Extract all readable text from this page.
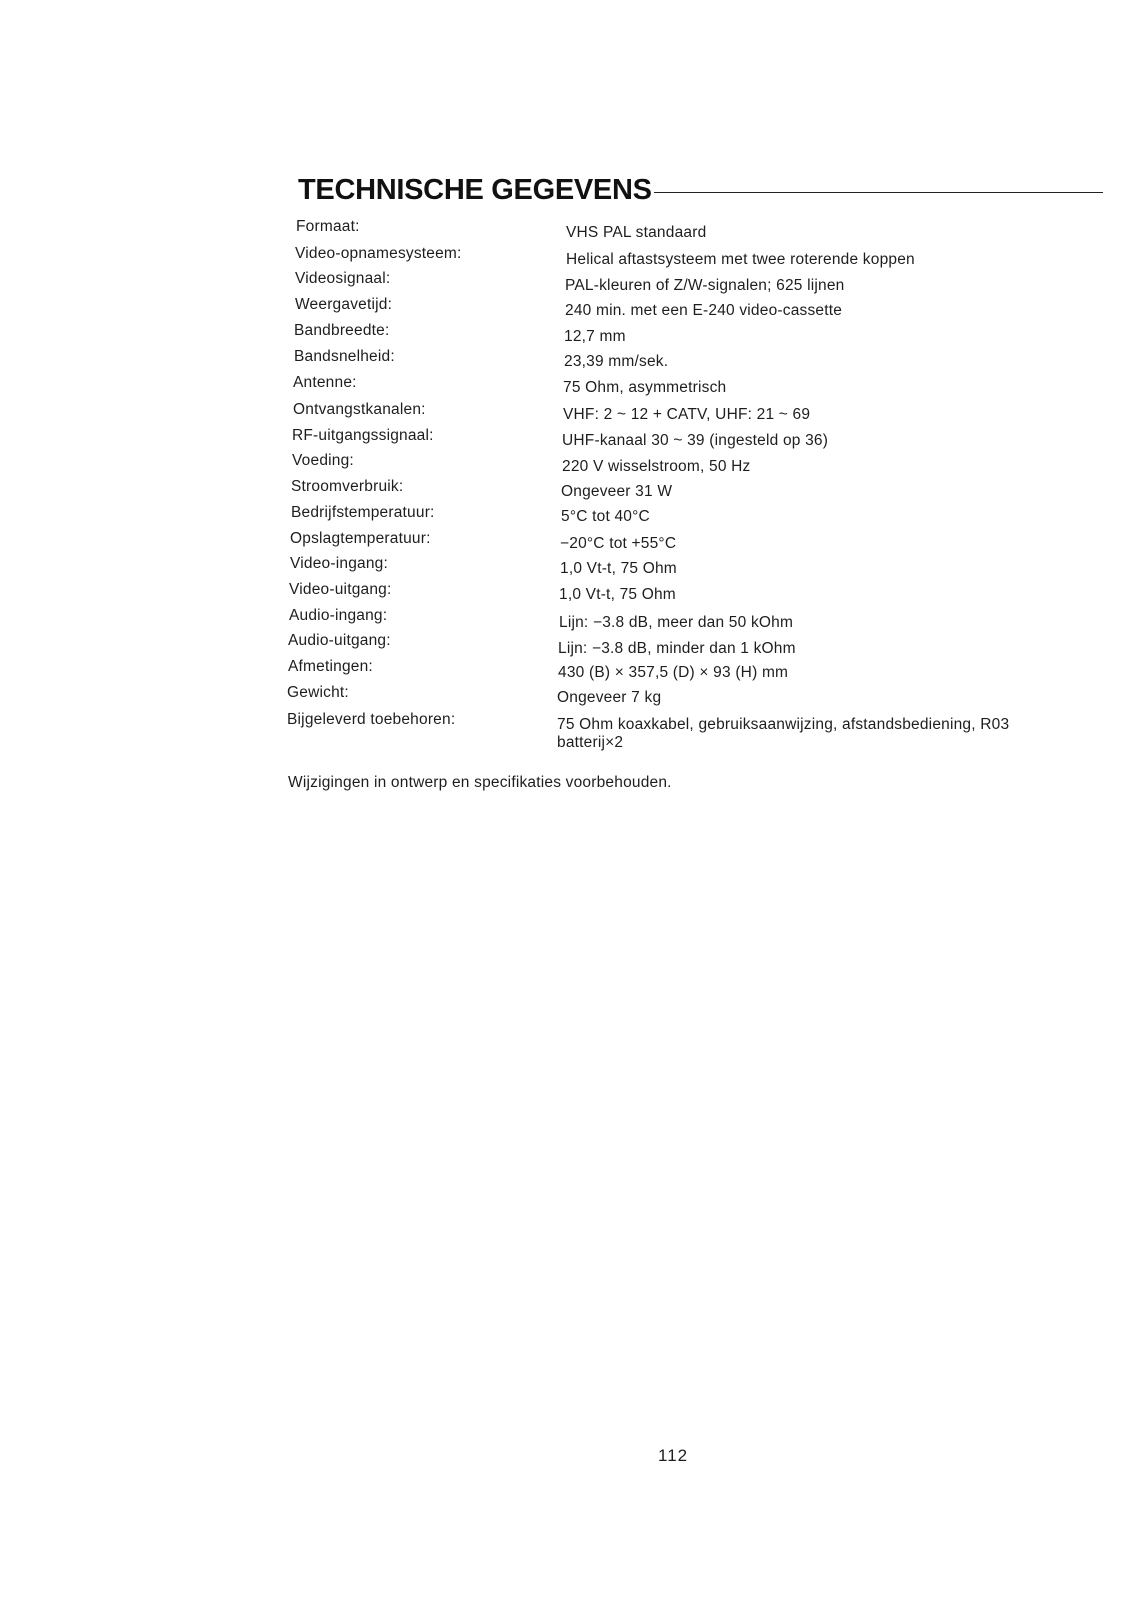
TECHNISCHE GEGEVENS
Formaat:
Video-opnamesysteem:
Videosignaal:
Weergavetijd:
Bandbreedte:
Bandsnelheid:
Antenne:
Ontvangstkanalen:
RF-uitgangssignaal:
Voeding:
Stroomverbruik:
Bedrijfstemperatuur:
Opslagtemperatuur:
Video-ingang:
Video-uitgang:
Audio-ingang:
Audio-uitgang:
Afmetingen:
Gewicht:
Bijgeleverd toebehoren:
VHS PAL standaard
Helical aftastsysteem met twee roterende koppen
PAL-kleuren of Z/W-signalen; 625 lijnen
240 min. met een E-240 video-cassette
12,7 mm
23,39 mm/sek.
75 Ohm, asymmetrisch
VHF: 2 ~ 12 + CATV, UHF: 21 ~ 69
UHF-kanaal 30 ~ 39 (ingesteld op 36)
220 V wisselstroom, 50 Hz
Ongeveer 31 W
5°C tot 40°C
−20°C tot +55°C
1,0 Vt-t, 75 Ohm
1,0 Vt-t, 75 Ohm
Lijn: −3.8 dB, meer dan 50 kOhm
Lijn: −3.8 dB, minder dan 1 kOhm
430 (B) × 357,5 (D) × 93 (H) mm
Ongeveer 7 kg
75 Ohm koaxkabel, gebruiksaanwijzing, afstandsbediening, R03 batterij×2
Wijzigingen in ontwerp en specifikaties voorbehouden.
112
